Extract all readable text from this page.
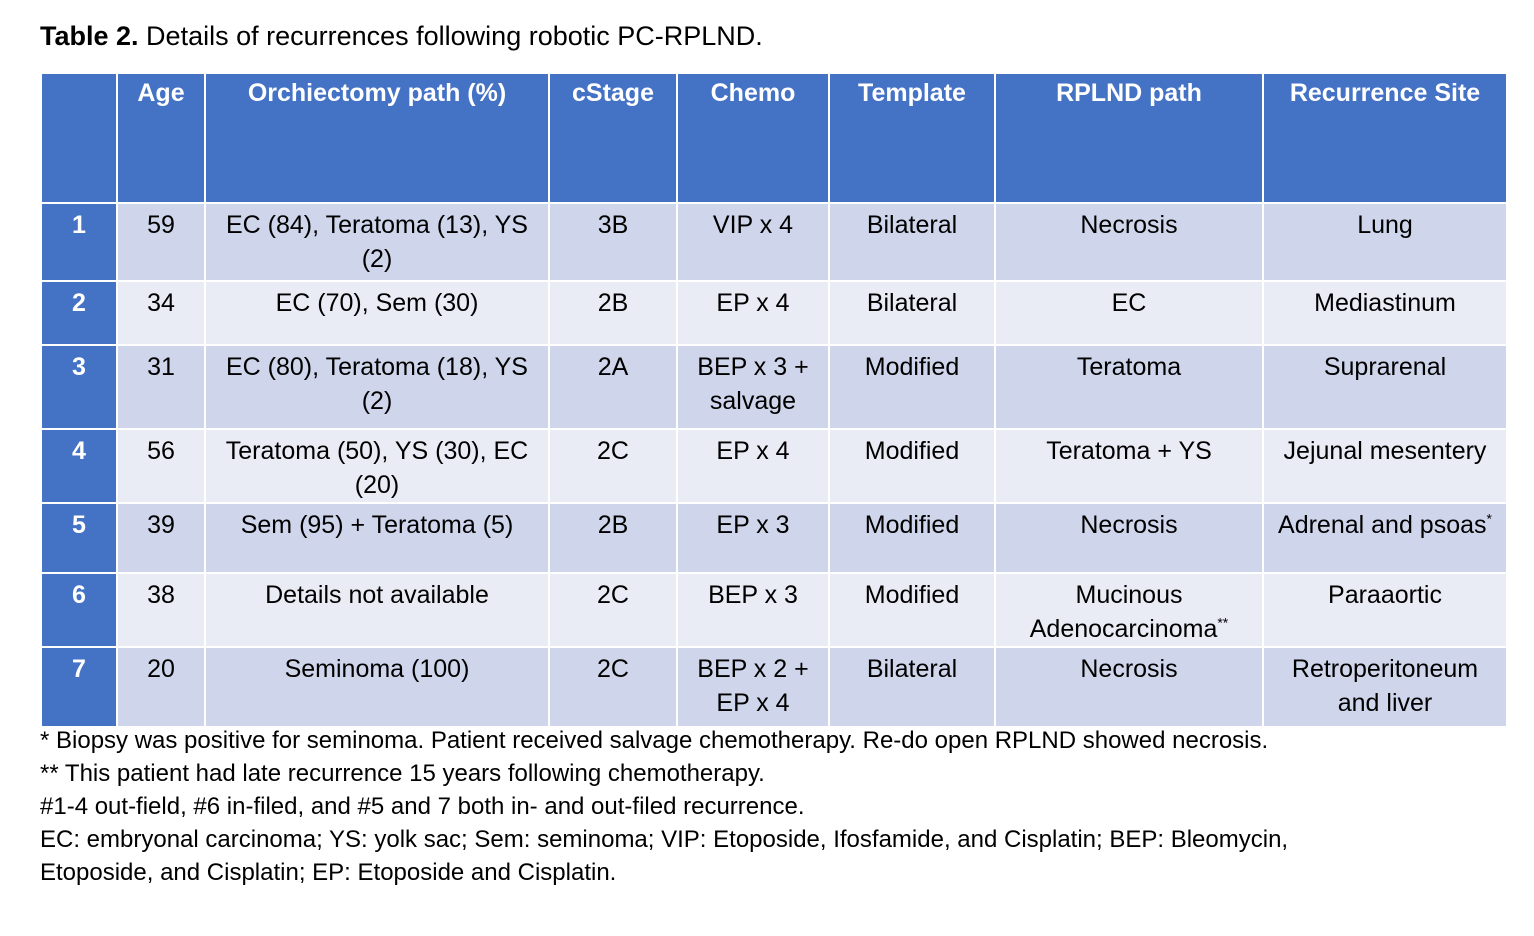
Table 2. Details of recurrences following robotic PC-RPLND.
	Age	Orchiectomy path (%)	cStage	Chemo	Template	RPLND path	Recurrence Site
1	59	EC (84), Teratoma (13), YS (2)	3B	VIP x 4	Bilateral	Necrosis	Lung
2	34	EC (70), Sem (30)	2B	EP x 4	Bilateral	EC	Mediastinum
3	31	EC (80), Teratoma (18), YS (2)	2A	BEP x 3 + salvage	Modified	Teratoma	Suprarenal
4	56	Teratoma (50), YS (30), EC (20)	2C	EP x 4	Modified	Teratoma + YS	Jejunal mesentery
5	39	Sem (95) + Teratoma (5)	2B	EP x 3	Modified	Necrosis	Adrenal and psoas*
6	38	Details not available	2C	BEP x 3	Modified	Mucinous Adenocarcinoma**	Paraaortic
7	20	Seminoma (100)	2C	BEP x 2 + EP x 4	Bilateral	Necrosis	Retroperitoneum and liver

* Biopsy was positive for seminoma. Patient received salvage chemotherapy. Re-do open RPLND showed necrosis.

** This patient had late recurrence 15 years following chemotherapy.

#1-4 out-field, #6 in-filed, and #5 and 7 both in- and out-filed recurrence.

EC: embryonal carcinoma; YS: yolk sac; Sem: seminoma; VIP: Etoposide, Ifosfamide, and Cisplatin; BEP: Bleomycin, Etoposide, and Cisplatin; EP: Etoposide and Cisplatin.
